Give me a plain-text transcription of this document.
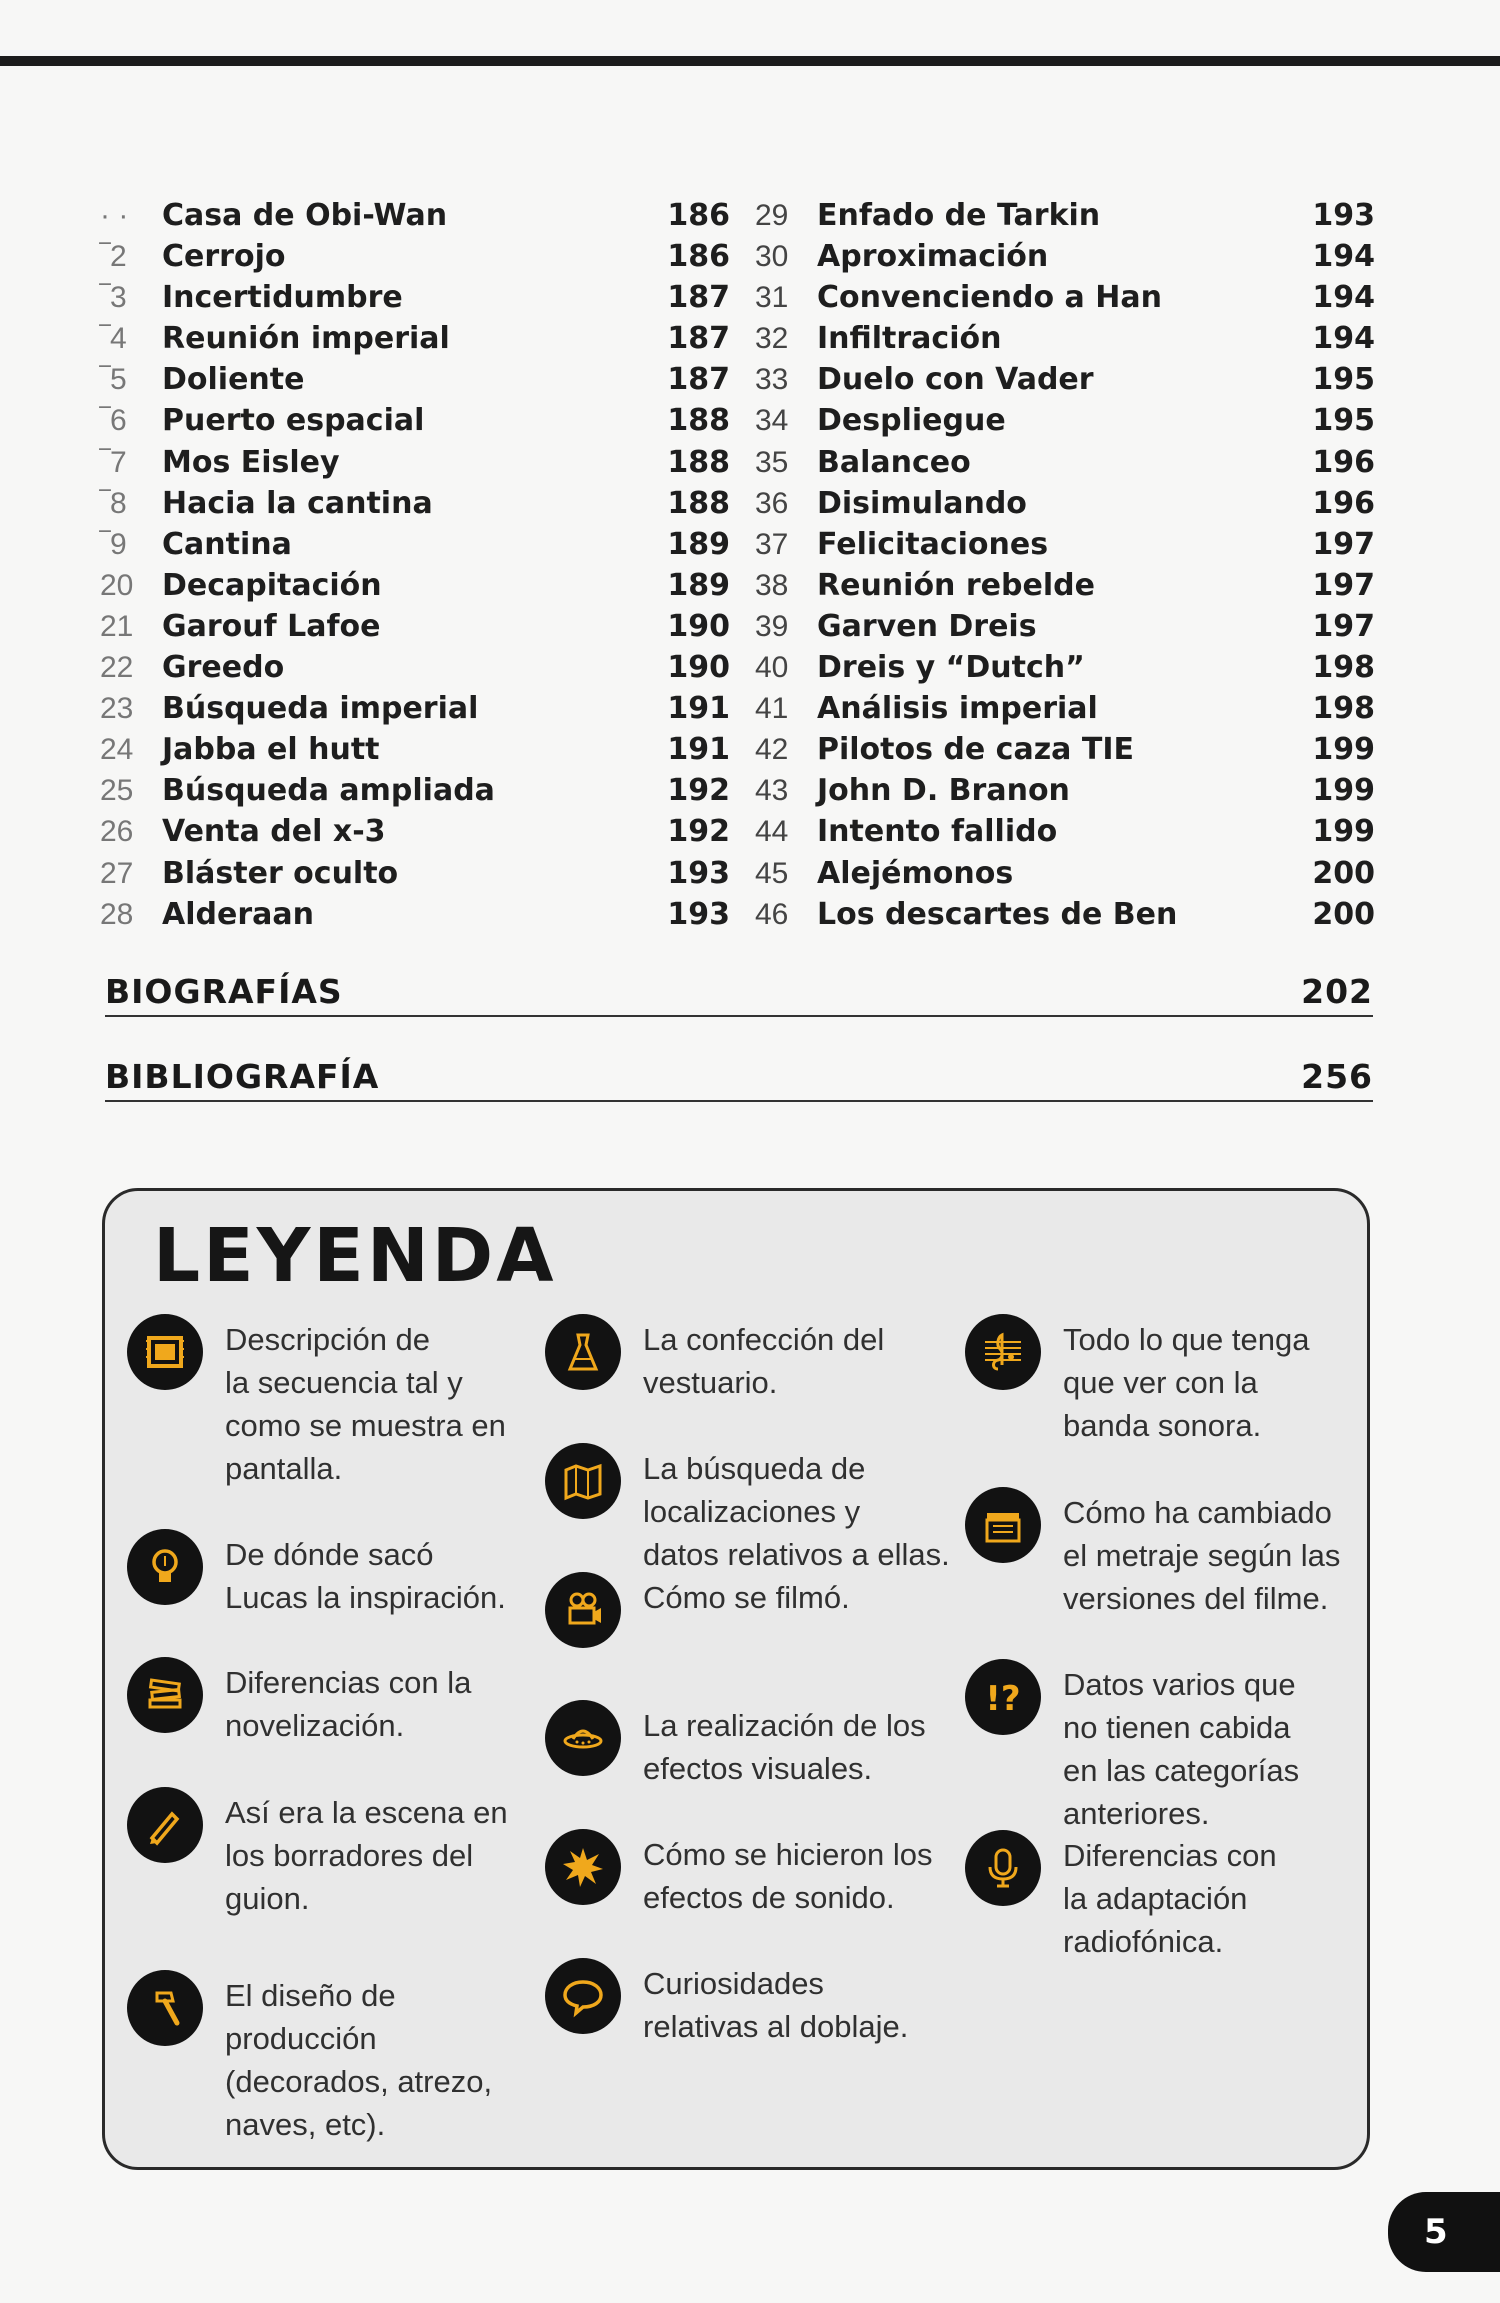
· ·	Casa de Obi-Wan	186
‾2	Cerrojo	186
‾3	Incertidumbre	187
‾4	Reunión imperial	187
‾5	Doliente	187
‾6	Puerto espacial	188
‾7	Mos Eisley	188
‾8	Hacia la cantina	188
‾9	Cantina	189
20 Decapitación	189
21 Garouf Lafoe	190
22 Greedo	190
23 Búsqueda imperial	191
24 Jabba el hutt	191
25 Búsqueda ampliada	192
26 Venta del x-3	192
27 Bláster oculto	193
28 Alderaan	193
29 Enfado de Tarkin	193
30 Aproximación	194
31 Convenciendo a Han	194
32 Infiltración	194
33 Duelo con Vader	195
34 Despliegue	195
35 Balanceo	196
36 Disimulando	196
37 Felicitaciones	197
38 Reunión rebelde	197
39 Garven Dreis	197
40 Dreis y “Dutch”	198
41 Análisis imperial	198
42 Pilotos de caza TIE	199
43 John D. Branon	199
44 Intento fallido	199
45 Alejémonos	200
46 Los descartes de Ben	200
BIOGRAFÍAS	202
BIBLIOGRAFÍA	256
LEYENDA
Descripción de
la secuencia tal y
como se muestra en
pantalla.
De dónde sacó
Lucas la inspiración.
Diferencias con la
novelización.
Así era la escena en
los borradores del
guion.
El diseño de
producción
(decorados, atrezo,
naves, etc).
La confección del
vestuario.
La búsqueda de
localizaciones y
datos relativos a ellas.
Cómo se filmó.
La realización de los
efectos visuales.
Cómo se hicieron los
efectos de sonido.
Curiosidades
relativas al doblaje.
Todo lo que tenga
que ver con la
banda sonora.
Cómo ha cambiado
el metraje según las
versiones del filme.
!? Datos varios que
no tienen cabida
en las categorías
anteriores.
Diferencias con
la adaptación
radiofónica.
5
